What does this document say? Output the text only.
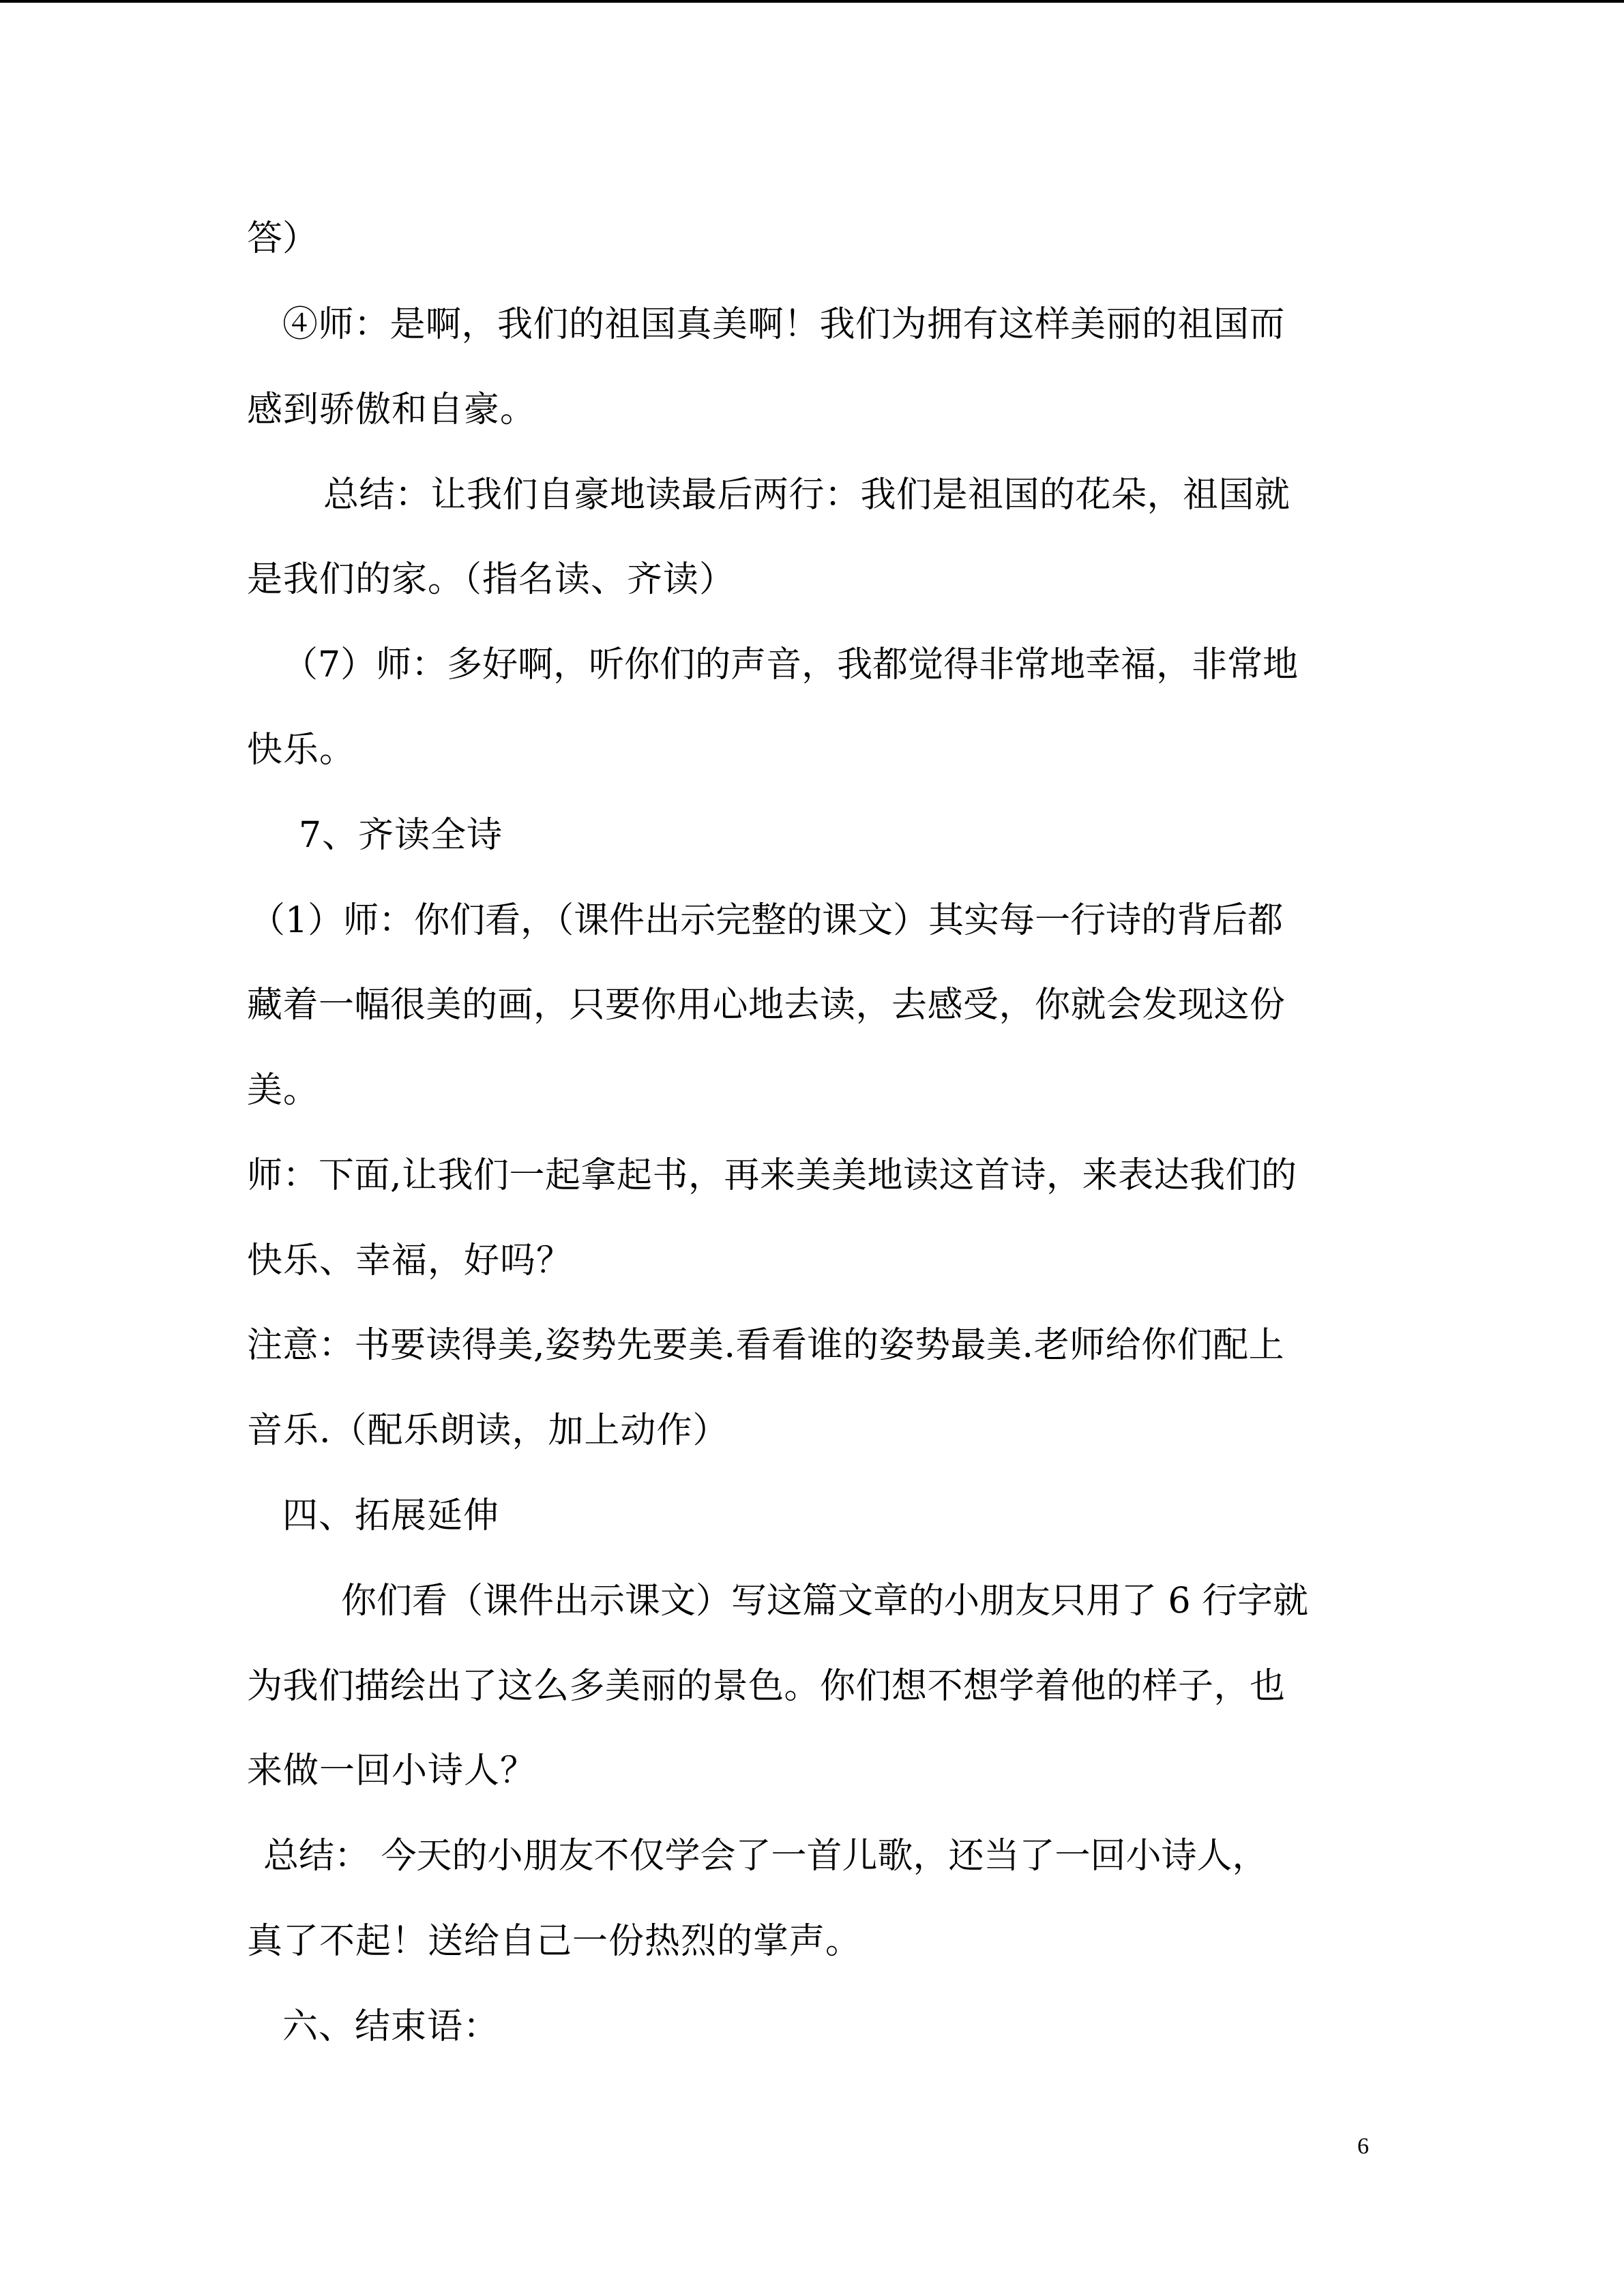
答）
④师：是啊，我们的祖国真美啊！我们为拥有这样美丽的祖国而
感到骄傲和自豪。
总结：让我们自豪地读最后两行：我们是祖国的花朵，祖国就
是我们的家。（指名读、齐读）
（7）师：多好啊，听你们的声音，我都觉得非常地幸福，非常地
快乐。
7、齐读全诗
（1）师：你们看，（课件出示完整的课文）其实每一行诗的背后都
藏着一幅很美的画，只要你用心地去读，去感受，你就会发现这份
美。
师：下面,让我们一起拿起书，再来美美地读这首诗，来表达我们的
快乐、幸福，好吗？
注意：书要读得美,姿势先要美.看看谁的姿势最美.老师给你们配上
音乐.（配乐朗读，加上动作）
四、拓展延伸
你们看（课件出示课文）写这篇文章的小朋友只用了 6 行字就
为我们描绘出了这么多美丽的景色。你们想不想学着他的样子，也
来做一回小诗人？
总结： 今天的小朋友不仅学会了一首儿歌，还当了一回小诗人，
真了不起！送给自己一份热烈的掌声。
六、结束语：
6
